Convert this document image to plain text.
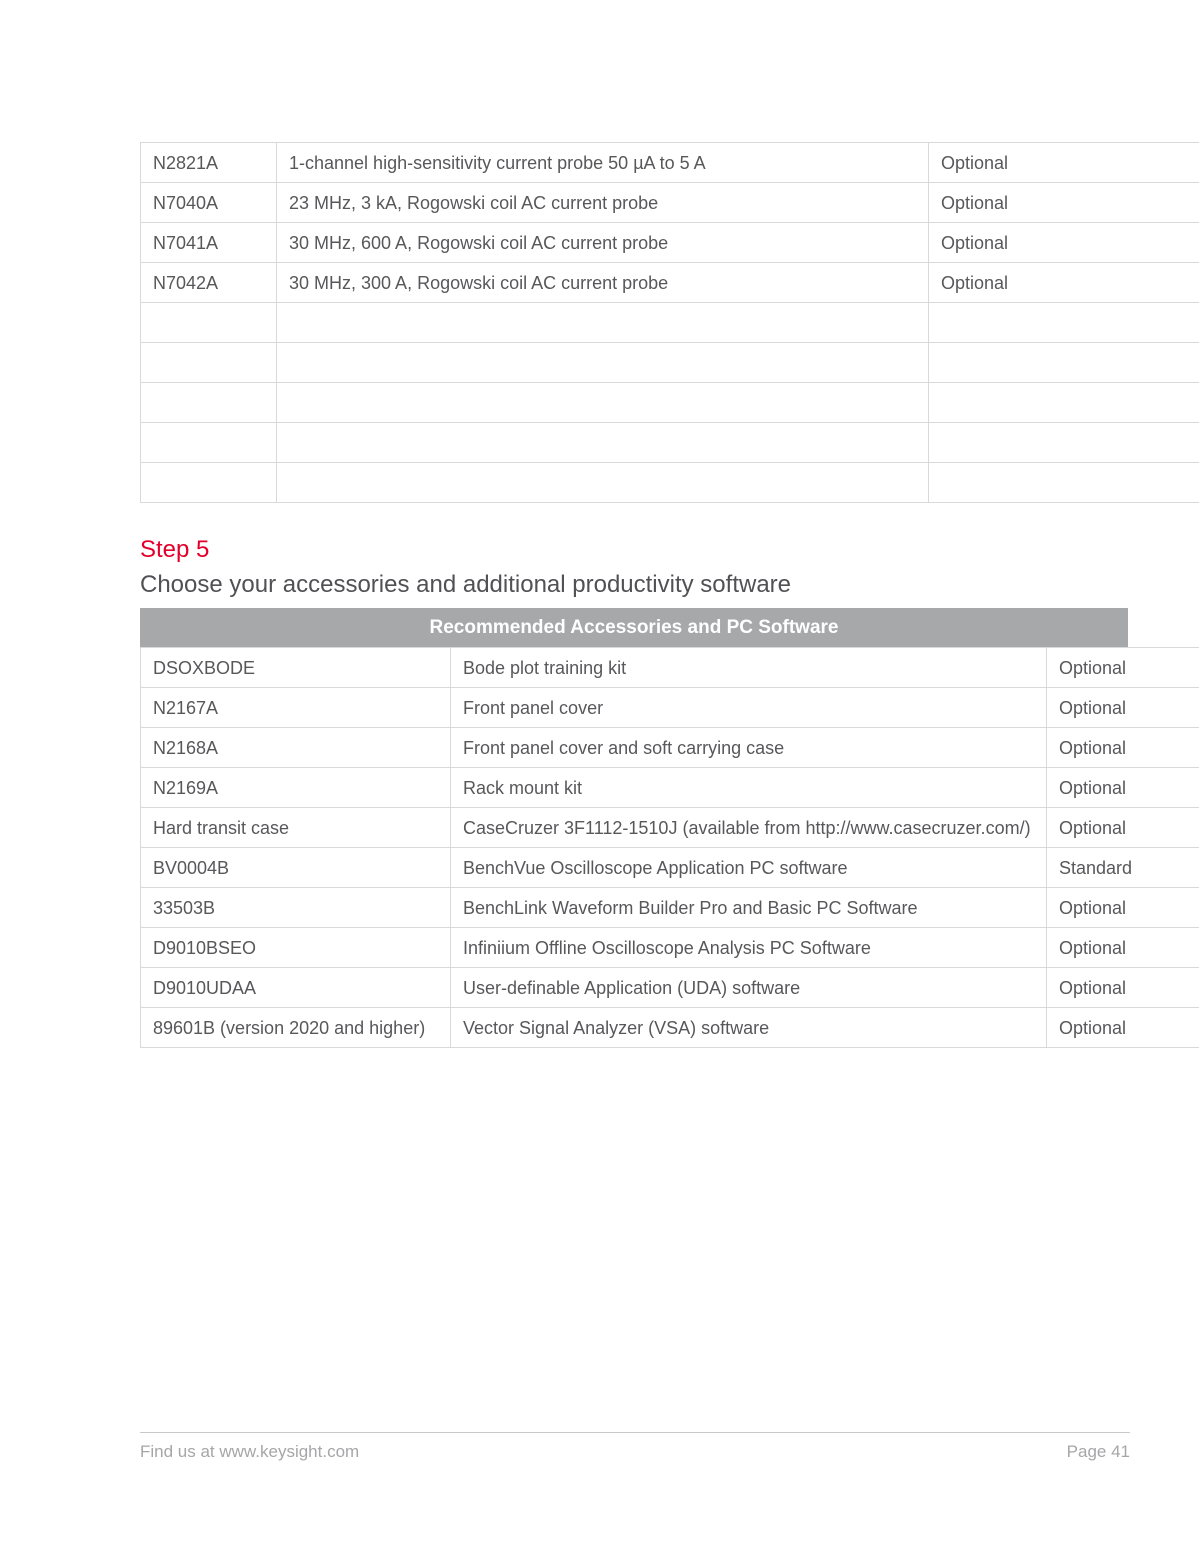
N2821A	1-channel high-sensitivity current probe 50 µA to 5 A	Optional
N7040A	23 MHz, 3 kA, Rogowski coil AC current probe	Optional
N7041A	30 MHz, 600 A, Rogowski coil AC current probe	Optional
N7042A	30 MHz, 300 A, Rogowski coil AC current probe	Optional

Step 5
Choose your accessories and additional productivity software
Recommended Accessories and PC Software
DSOXBODE	Bode plot training kit	Optional
N2167A	Front panel cover	Optional
N2168A	Front panel cover and soft carrying case	Optional
N2169A	Rack mount kit	Optional
Hard transit case	CaseCruzer 3F1112-1510J (available from http://www.casecruzer.com/)	Optional
BV0004B	BenchVue Oscilloscope Application PC software	Standard
33503B	BenchLink Waveform Builder Pro and Basic PC Software	Optional
D9010BSEO	Infiniium Offline Oscilloscope Analysis PC Software	Optional
D9010UDAA	User-definable Application (UDA) software	Optional
89601B (version 2020 and higher)	Vector Signal Analyzer (VSA) software	Optional
Find us at www.keysight.com	Page 41
